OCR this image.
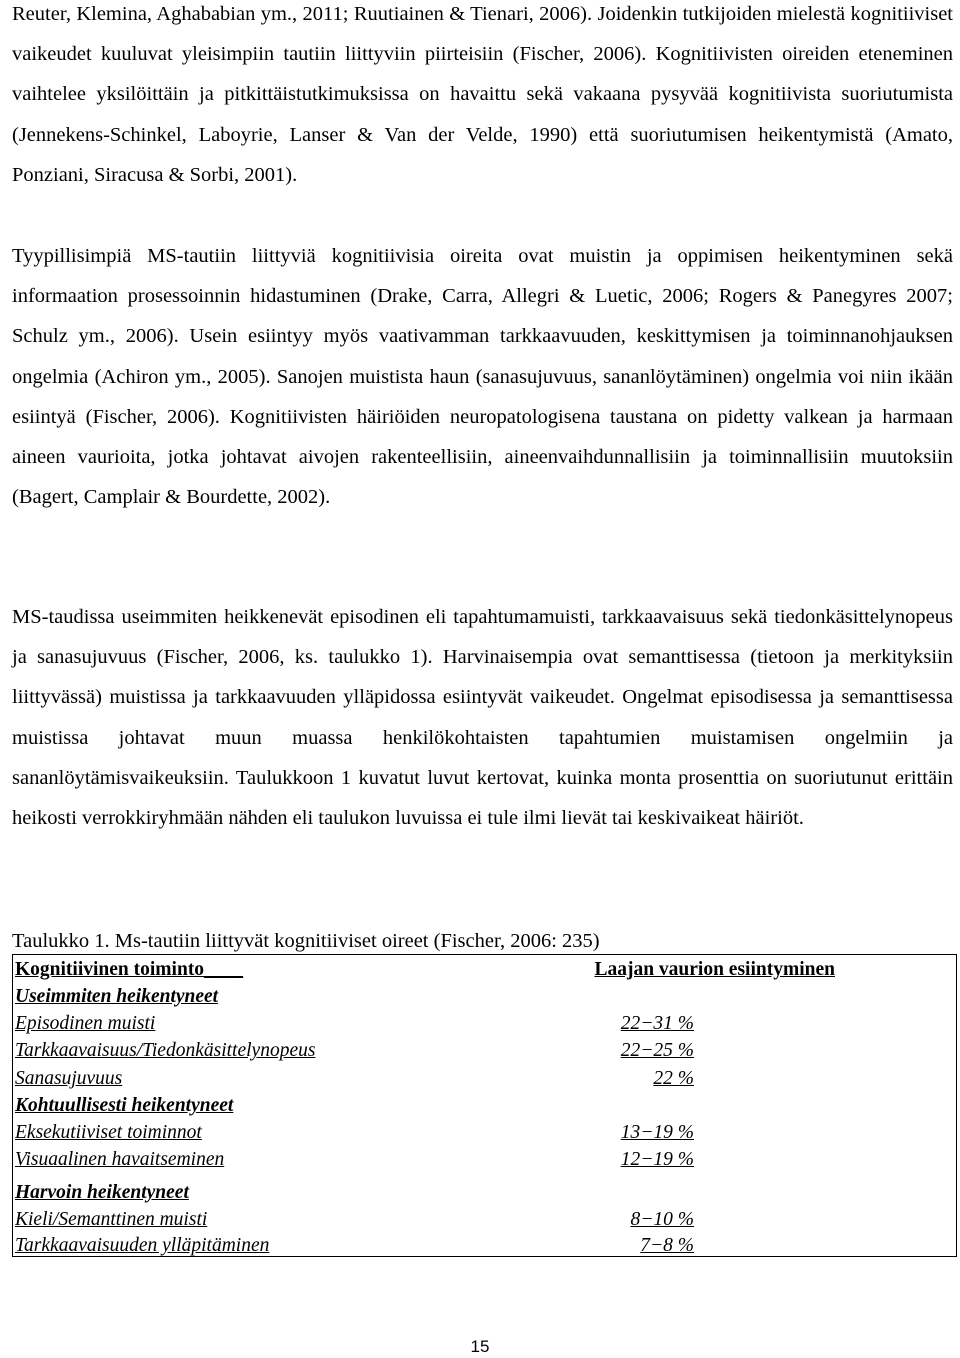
Reuter, Klemina, Aghababian ym., 2011; Ruutiainen & Tienari, 2006). Joidenkin tutkijoiden mielestä kognitiiviset vaikeudet kuuluvat yleisimpiin tautiin liittyviin piirteisiin (Fischer, 2006). Kognitiivisten oireiden eteneminen vaihtelee yksilöittäin ja pitkittäistutkimuksissa on havaittu sekä vakaana pysyvää kognitiivista suoriutumista (Jennekens-Schinkel, Laboyrie, Lanser & Van der Velde, 1990) että suoriutumisen heikentymistä (Amato, Ponziani, Siracusa & Sorbi, 2001).

Tyypillisimpiä MS-tautiin liittyviä kognitiivisia oireita ovat muistin ja oppimisen heikentyminen sekä informaation prosessoinnin hidastuminen (Drake, Carra, Allegri & Luetic, 2006; Rogers & Panegyres 2007; Schulz ym., 2006). Usein esiintyy myös vaativamman tarkkaavuuden, keskittymisen ja toiminnanohjauksen ongelmia (Achiron ym., 2005). Sanojen muistista haun (sanasujuvuus, sananlöytäminen) ongelmia voi niin ikään esiintyä (Fischer, 2006). Kognitiivisten häiriöiden neuropatologisena taustana on pidetty valkean ja harmaan aineen vaurioita, jotka johtavat aivojen rakenteellisiin, aineenvaihdunnallisiin ja toiminnallisiin muutoksiin (Bagert, Camplair & Bourdette, 2002).

MS-taudissa useimmiten heikkenevät episodinen eli tapahtumamuisti, tarkkaavaisuus sekä tiedonkäsittelynopeus ja sanasujuvuus (Fischer, 2006, ks. taulukko 1). Harvinaisempia ovat semanttisessa (tietoon ja merkityksiin liittyvässä) muistissa ja tarkkaavuuden ylläpidossa esiintyvät vaikeudet. Ongelmat episodisessa ja semanttisessa muistissa johtavat muun muassa henkilökohtaisten tapahtumien muistamisen ongelmiin ja sananlöytämisvaikeuksiin. Taulukkoon 1 kuvatut luvut kertovat, kuinka monta prosenttia on suoriutunut erittäin heikosti verrokkiryhmään nähden eli taulukon luvuissa ei tule ilmi lievät tai keskivaikeat häiriöt.

Taulukko 1. Ms-tautiin liittyvät kognitiiviset oireet (Fischer, 2006: 235)
Kognitiivinen toiminto____	Laajan vaurion esiintyminen
Useimmiten heikentyneet
Episodinen muisti	22−31 %
Tarkkaavaisuus/Tiedonkäsittelynopeus	22−25 %
Sanasujuvuus	22 %
Kohtuullisesti heikentyneet
Eksekutiiviset toiminnot	13−19 %
Visuaalinen havaitseminen	12−19 %
Harvoin heikentyneet
Kieli/Semanttinen muisti	8−10 %
Tarkkaavaisuuden ylläpitäminen	7−8 %
15
